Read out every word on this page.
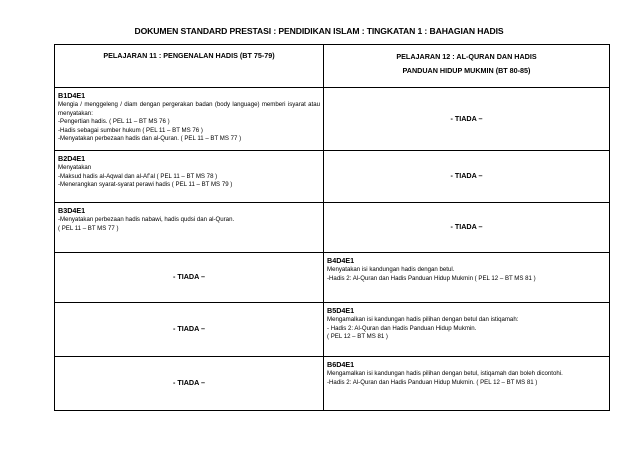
DOKUMEN STANDARD PRESTASI : PENDIDIKAN ISLAM : TINGKATAN 1 : BAHAGIAN HADIS
PELAJARAN 11 : PENGENALAN HADIS (BT 75-79)	PELAJARAN 12 : AL-QURAN DAN HADIS
PANDUAN HIDUP MUKMIN (BT 80-85)

B1D4E1
Mengia / menggeleng / diam dengan pergerakan badan (body language) memberi isyarat atau menyatakan:
-Pengertian hadis. ( PEL 11 – BT MS 76 )
-Hadis sebagai sumber hukum ( PEL 11 – BT MS 76 )
-Menyatakan perbezaan hadis dan al-Quran. ( PEL 11 – BT MS 77 )	- TIADA –

B2D4E1
Menyatakan
-Maksud hadis al-Aqwal dan al-Af’al ( PEL 11 – BT MS 78 )
-Menerangkan syarat-syarat perawi hadis ( PEL 11 – BT MS 79 )	- TIADA –

B3D4E1
-Menyatakan perbezaan hadis nabawi, hadis qudsi dan al-Quran.
( PEL 11 – BT MS 77 )	- TIADA –
- TIADA –	B4D4E1
Menyatakan isi kandungan hadis dengan betul.
-Hadis 2: Al-Quran dan Hadis Panduan Hidup Mukmin ( PEL 12 – BT MS 81 )

- TIADA –	B5D4E1
Mengamalkan isi kandungan hadis pilihan dengan betul dan istiqamah:
- Hadis 2: Al-Quran dan Hadis Panduan Hidup Mukmin.
( PEL 12 – BT MS 81 )

- TIADA –	B6D4E1
Mengamalkan isi kandungan hadis pilihan dengan betul, istiqamah dan boleh dicontohi.
-Hadis 2: Al-Quran dan Hadis Panduan Hidup Mukmin. ( PEL 12 – BT MS 81 )
